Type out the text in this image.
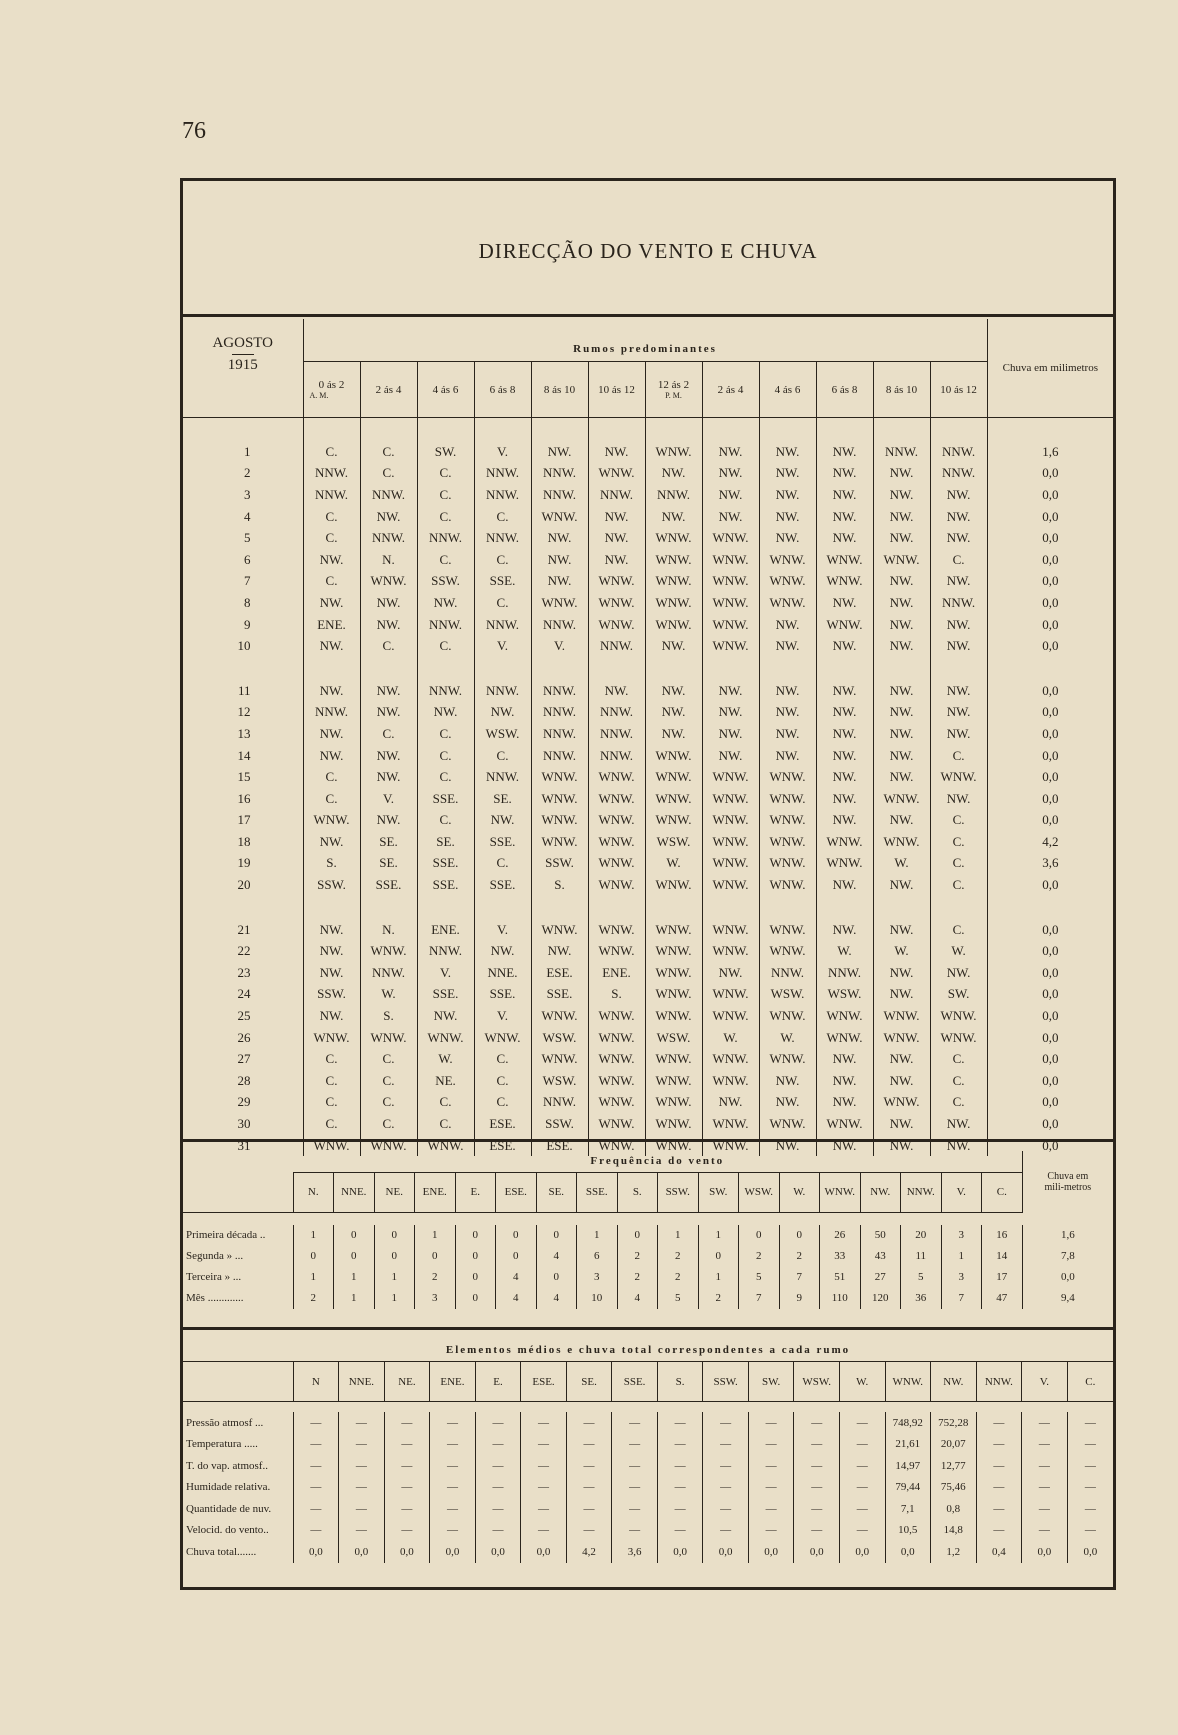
76
DIRECÇÃO DO VENTO E CHUVA
AGOSTO
1915	Rumos predominantes												Chuva em milimetros
	0 ás 2
A. M.	2 ás 4	4 ás 6	6 ás 8	8 ás 10	10 ás 12	12 ás 2
P. M.	2 ás 4	4 ás 6	6 ás 8	8 ás 10	10 ás 12	

1	C.	C.	SW.	V.	NW.	NW.	WNW.	NW.	NW.	NW.	NNW.	NNW.	1,6
2	NNW.	C.	C.	NNW.	NNW.	WNW.	NW.	NW.	NW.	NW.	NW.	NNW.	0,0
3	NNW.	NNW.	C.	NNW.	NNW.	NNW.	NNW.	NW.	NW.	NW.	NW.	NW.	0,0
4	C.	NW.	C.	C.	WNW.	NW.	NW.	NW.	NW.	NW.	NW.	NW.	0,0
5	C.	NNW.	NNW.	NNW.	NW.	NW.	WNW.	WNW.	NW.	NW.	NW.	NW.	0,0
6	NW.	N.	C.	C.	NW.	NW.	WNW.	WNW.	WNW.	WNW.	WNW.	C.	0,0
7	C.	WNW.	SSW.	SSE.	NW.	WNW.	WNW.	WNW.	WNW.	WNW.	NW.	NW.	0,0
8	NW.	NW.	NW.	C.	WNW.	WNW.	WNW.	WNW.	WNW.	NW.	NW.	NNW.	0,0
9	ENE.	NW.	NNW.	NNW.	NNW.	WNW.	WNW.	WNW.	NW.	WNW.	NW.	NW.	0,0
10	NW.	C.	C.	V.	V.	NNW.	NW.	WNW.	NW.	NW.	NW.	NW.	0,0

11	NW.	NW.	NNW.	NNW.	NNW.	NW.	NW.	NW.	NW.	NW.	NW.	NW.	0,0
12	NNW.	NW.	NW.	NW.	NNW.	NNW.	NW.	NW.	NW.	NW.	NW.	NW.	0,0
13	NW.	C.	C.	WSW.	NNW.	NNW.	NW.	NW.	NW.	NW.	NW.	NW.	0,0
14	NW.	NW.	C.	C.	NNW.	NNW.	WNW.	NW.	NW.	NW.	NW.	C.	0,0
15	C.	NW.	C.	NNW.	WNW.	WNW.	WNW.	WNW.	WNW.	NW.	NW.	WNW.	0,0
16	C.	V.	SSE.	SE.	WNW.	WNW.	WNW.	WNW.	WNW.	NW.	WNW.	NW.	0,0
17	WNW.	NW.	C.	NW.	WNW.	WNW.	WNW.	WNW.	WNW.	NW.	NW.	C.	0,0
18	NW.	SE.	SE.	SSE.	WNW.	WNW.	WSW.	WNW.	WNW.	WNW.	WNW.	C.	4,2
19	S.	SE.	SSE.	C.	SSW.	WNW.	W.	WNW.	WNW.	WNW.	W.	C.	3,6
20	SSW.	SSE.	SSE.	SSE.	S.	WNW.	WNW.	WNW.	WNW.	NW.	NW.	C.	0,0

21	NW.	N.	ENE.	V.	WNW.	WNW.	WNW.	WNW.	WNW.	NW.	NW.	C.	0,0
22	NW.	WNW.	NNW.	NW.	NW.	WNW.	WNW.	WNW.	WNW.	W.	W.	W.	0,0
23	NW.	NNW.	V.	NNE.	ESE.	ENE.	WNW.	NW.	NNW.	NNW.	NW.	NW.	0,0
24	SSW.	W.	SSE.	SSE.	SSE.	S.	WNW.	WNW.	WSW.	WSW.	NW.	SW.	0,0
25	NW.	S.	NW.	V.	WNW.	WNW.	WNW.	WNW.	WNW.	WNW.	WNW.	WNW.	0,0
26	WNW.	WNW.	WNW.	WNW.	WSW.	WNW.	WSW.	W.	W.	WNW.	WNW.	WNW.	0,0
27	C.	C.	W.	C.	WNW.	WNW.	WNW.	WNW.	WNW.	NW.	NW.	C.	0,0
28	C.	C.	NE.	C.	WSW.	WNW.	WNW.	WNW.	NW.	NW.	NW.	C.	0,0
29	C.	C.	C.	C.	NNW.	WNW.	WNW.	NW.	NW.	NW.	WNW.	C.	0,0
30	C.	C.	C.	ESE.	SSW.	WNW.	WNW.	WNW.	WNW.	WNW.	NW.	NW.	0,0
31	WNW.	WNW.	WNW.	ESE.	ESE.	WNW.	WNW.	WNW.	NW.	NW.	NW.	NW.	0,0
	Frequência do vento																		Chuva em mili-metros
	N.	NNE.	NE.	ENE.	E.	ESE.	SE.	SSE.	S.	SSW.	SW.	WSW.	W.	WNW.	NW.	NNW.	V.	C.	

Primeira década ..	1	0	0	1	0	0	0	1	0	1	1	0	0	26	50	20	3	16	1,6
Segunda » ...	0	0	0	0	0	0	4	6	2	2	0	2	2	33	43	11	1	14	7,8
Terceira » ...	1	1	1	2	0	4	0	3	2	2	1	5	7	51	27	5	3	17	0,0
Mês .............	2	1	1	3	0	4	4	10	4	5	2	7	9	110	120	36	7	47	9,4
Elementos médios e chuva total correspondentes a cada rumo																		
	N	NNE.	NE.	ENE.	E.	ESE.	SE.	SSE.	S.	SSW.	SW.	WSW.	W.	WNW.	NW.	NNW.	V.	C.

Pressão atmosf ...	—	—	—	—	—	—	—	—	—	—	—	—	—	748,92	752,28	—	—	—
Temperatura .....	—	—	—	—	—	—	—	—	—	—	—	—	—	21,61	20,07	—	—	—
T. do vap. atmosf..	—	—	—	—	—	—	—	—	—	—	—	—	—	14,97	12,77	—	—	—
Humidade relativa.	—	—	—	—	—	—	—	—	—	—	—	—	—	79,44	75,46	—	—	—
Quantidade de nuv.	—	—	—	—	—	—	—	—	—	—	—	—	—	7,1	0,8	—	—	—
Velocid. do vento..	—	—	—	—	—	—	—	—	—	—	—	—	—	10,5	14,8	—	—	—
Chuva total.......	0,0	0,0	0,0	0,0	0,0	0,0	4,2	3,6	0,0	0,0	0,0	0,0	0,0	0,0	1,2	0,4	0,0	0,0
